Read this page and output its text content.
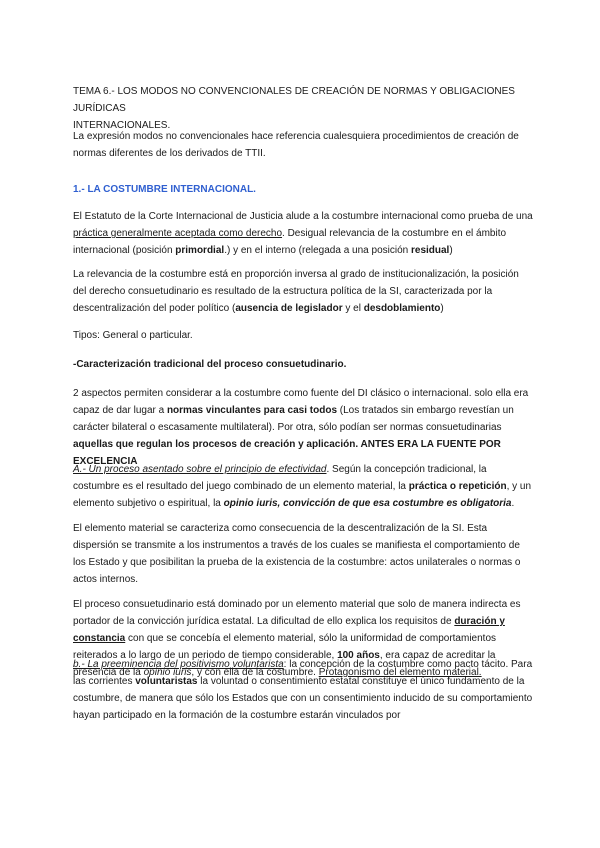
TEMA 6.- LOS MODOS NO CONVENCIONALES DE CREACIÓN DE NORMAS Y OBLIGACIONES JURÍDICAS

INTERNACIONALES.

La expresión modos no convencionales hace referencia cualesquiera procedimientos de creación de normas diferentes de los derivados de TTII.

1.- LA COSTUMBRE INTERNACIONAL.

El Estatuto de la Corte Internacional de Justicia alude a la costumbre internacional como prueba de una práctica generalmente aceptada como derecho. Desigual relevancia de la costumbre en el ámbito internacional (posición primordial.) y en el interno (relegada a una posición residual)

La relevancia de la costumbre está en proporción inversa al grado de institucionalización, la posición del derecho consuetudinario es resultado de la estructura política de la SI, caracterizada por la descentralización del poder político (ausencia de legislador y el desdoblamiento)

Tipos: General o particular.

-Caracterización tradicional del proceso consuetudinario.

2 aspectos permiten considerar a la costumbre como fuente del DI clásico o internacional. solo ella era capaz de dar lugar a normas vinculantes para casi todos (Los tratados sin embargo revestían un carácter bilateral o escasamente multilateral). Por otra, sólo podían ser normas consuetudinarias aquellas que regulan los procesos de creación y aplicación. ANTES ERA LA FUENTE POR EXCELENCIA

A.- Un proceso asentado sobre el principio de efectividad. Según la concepción tradicional, la costumbre es el resultado del juego combinado de un elemento material, la práctica o repetición, y un elemento subjetivo o espiritual, la opinio iuris, convicción de que esa costumbre es obligatoria.

El elemento material se caracteriza como consecuencia de la descentralización de la SI. Esta dispersión se transmite a los instrumentos a través de los cuales se manifiesta el comportamiento de los Estado y que posibilitan la prueba de la existencia de la costumbre: actos unilaterales o normas o actos internos.

El proceso consuetudinario está dominado por un elemento material que solo de manera indirecta es portador de la convicción jurídica estatal. La dificultad de ello explica los requisitos de duración y constancia con que se concebía el elemento material, sólo la uniformidad de comportamientos reiterados a lo largo de un periodo de tiempo considerable, 100 años, era capaz de acreditar la presencia de la opinio iuris, y con ella de la costumbre. Protagonismo del elemento material.

b.- La preeminencia del positivismo voluntarista: la concepción de la costumbre como pacto tácito. Para las corrientes voluntaristas la voluntad o consentimiento estatal constituye el único fundamento de la costumbre, de manera que sólo los Estados que con un consentimiento inducido de su comportamiento hayan participado en la formación de la costumbre estarán vinculados por
